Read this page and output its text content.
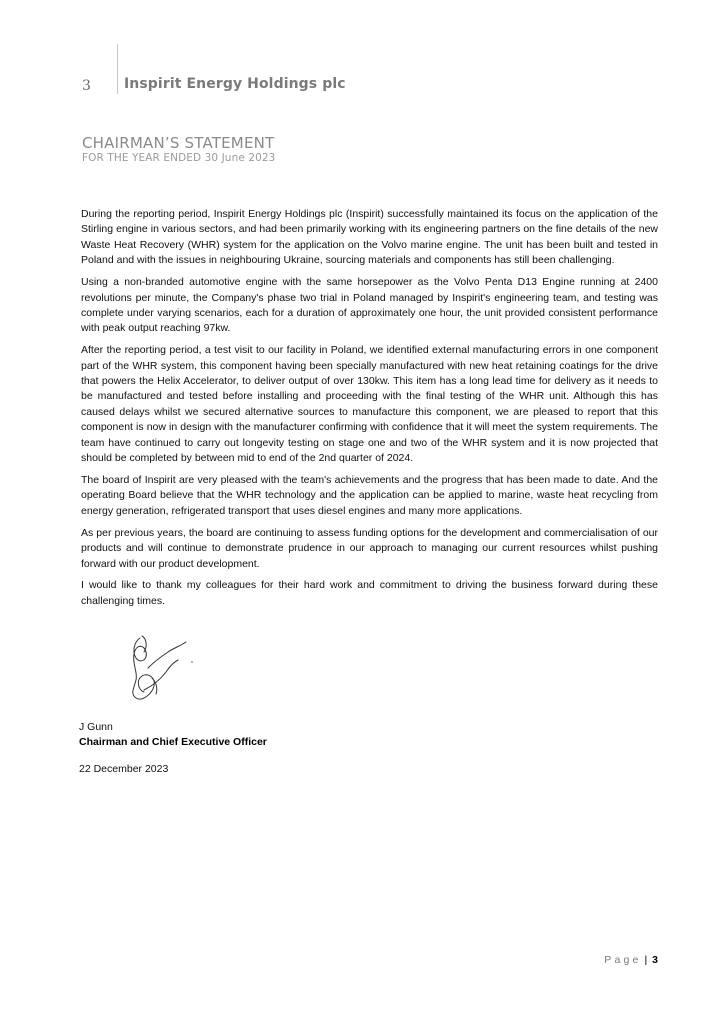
3 Inspirit Energy Holdings plc
CHAIRMAN’S STATEMENT
FOR THE YEAR ENDED 30 June 2023

During the reporting period, Inspirit Energy Holdings plc (Inspirit) successfully maintained its focus on the application of the Stirling engine in various sectors, and had been primarily working with its engineering partners on the fine details of the new Waste Heat Recovery (WHR) system for the application on the Volvo marine engine. The unit has been built and tested in Poland and with the issues in neighbouring Ukraine, sourcing materials and components has still been challenging.

Using a non-branded automotive engine with the same horsepower as the Volvo Penta D13 Engine running at 2400 revolutions per minute, the Company's phase two trial in Poland managed by Inspirit's engineering team, and testing was complete under varying scenarios, each for a duration of approximately one hour, the unit provided consistent performance with peak output reaching 97kw.

After the reporting period, a test visit to our facility in Poland, we identified external manufacturing errors in one component part of the WHR system, this component having been specially manufactured with new heat retaining coatings for the drive that powers the Helix Accelerator, to deliver output of over 130kw. This item has a long lead time for delivery as it needs to be manufactured and tested before installing and proceeding with the final testing of the WHR unit. Although this has caused delays whilst we secured alternative sources to manufacture this component, we are pleased to report that this component is now in design with the manufacturer confirming with confidence that it will meet the system requirements. The team have continued to carry out longevity testing on stage one and two of the WHR system and it is now projected that should be completed by between mid to end of the 2nd quarter of 2024.

The board of Inspirit are very pleased with the team's achievements and the progress that has been made to date. And the operating Board believe that the WHR technology and the application can be applied to marine, waste heat recycling from energy generation, refrigerated transport that uses diesel engines and many more applications.

As per previous years, the board are continuing to assess funding options for the development and commercialisation of our products and will continue to demonstrate prudence in our approach to managing our current resources whilst pushing forward with our product development.

I would like to thank my colleagues for their hard work and commitment to driving the business forward during these challenging times.

J Gunn
Chairman and Chief Executive Officer
22 December 2023
Page | 3
